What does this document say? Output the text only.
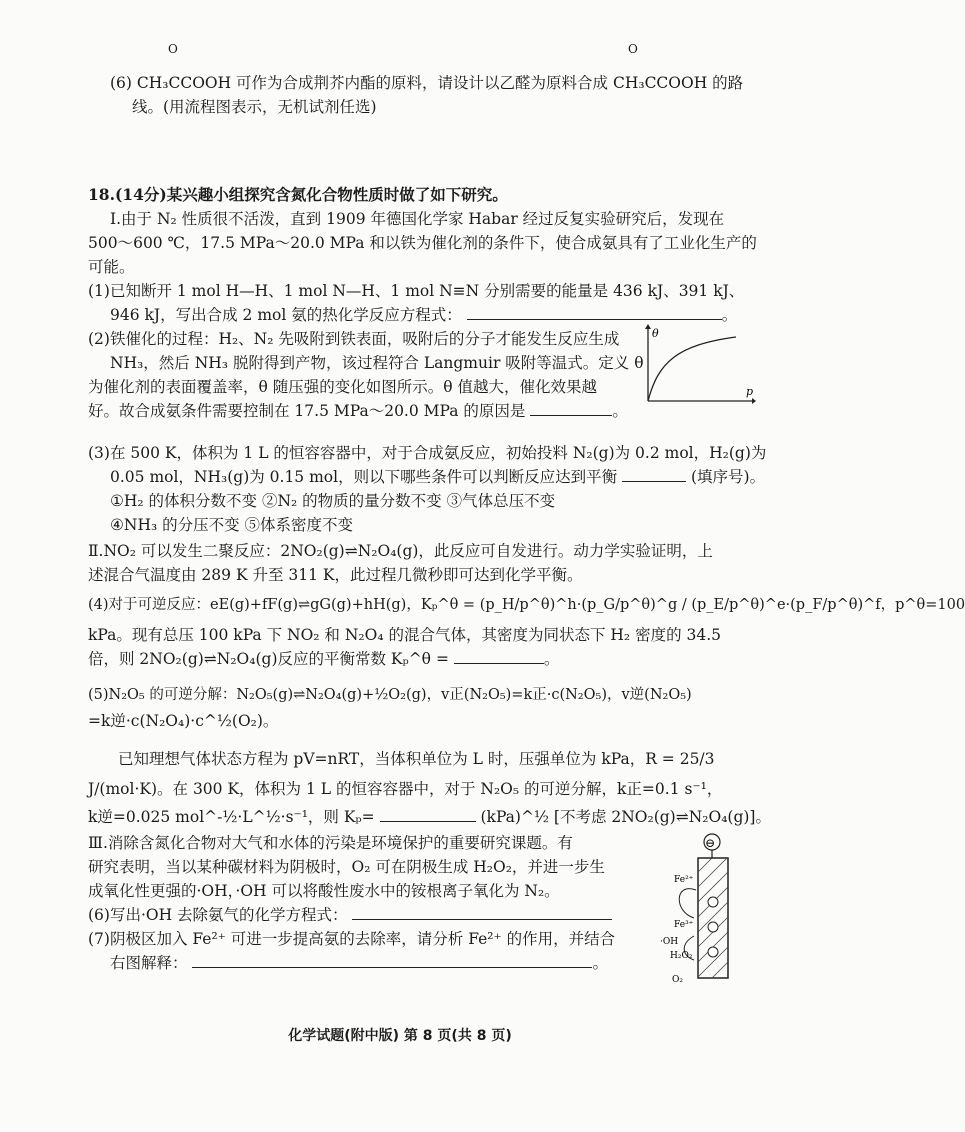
O	O
(6) CH₃CCOOH 可作为合成荆芥内酯的原料，请设计以乙醛为原料合成 CH₃CCOOH 的路
线。(用流程图表示，无机试剂任选)
18.(14分)某兴趣小组探究含氮化合物性质时做了如下研究。
Ⅰ.由于 N₂ 性质很不活泼，直到 1909 年德国化学家 Habar 经过反复实验研究后，发现在
500～600 ℃，17.5 MPa～20.0 MPa 和以铁为催化剂的条件下，使合成氨具有了工业化生产的
可能。
(1)已知断开 1 mol H—H、1 mol N—H、1 mol N≡N 分别需要的能量是 436 kJ、391 kJ、
946 kJ，写出合成 2 mol 氨的热化学反应方程式：	。
(2)铁催化的过程：H₂、N₂ 先吸附到铁表面，吸附后的分子才能发生反应生成
NH₃，然后 NH₃ 脱附得到产物，该过程符合 Langmuir 吸附等温式。定义 θ
为催化剂的表面覆盖率，θ 随压强的变化如图所示。θ 值越大，催化效果越
好。故合成氨条件需要控制在 17.5 MPa～20.0 MPa 的原因是	。
θ
p
(3)在 500 K，体积为 1 L 的恒容容器中，对于合成氨反应，初始投料 N₂(g)为 0.2 mol，H₂(g)为
0.05 mol，NH₃(g)为 0.15 mol，则以下哪些条件可以判断反应达到平衡	(填序号)。
①H₂ 的体积分数不变 ②N₂ 的物质的量分数不变 ③气体总压不变
④NH₃ 的分压不变 ⑤体系密度不变
Ⅱ.NO₂ 可以发生二聚反应：2NO₂(g)⇌N₂O₄(g)，此反应可自发进行。动力学实验证明，上
述混合气温度由 289 K 升至 311 K，此过程几微秒即可达到化学平衡。
(4)对于可逆反应：eE(g)+fF(g)⇌gG(g)+hH(g)，Kₚ^θ = (p_H/p^θ)^h·(p_G/p^θ)^g / (p_E/p^θ)^e·(p_F/p^θ)^f，p^θ=100
kPa。现有总压 100 kPa 下 NO₂ 和 N₂O₄ 的混合气体，其密度为同状态下 H₂ 密度的 34.5
倍，则 2NO₂(g)⇌N₂O₄(g)反应的平衡常数 Kₚ^θ =	。
(5)N₂O₅ 的可逆分解：N₂O₅(g)⇌N₂O₄(g)+½O₂(g)，v正(N₂O₅)=k正·c(N₂O₅)，v逆(N₂O₅)
=k逆·c(N₂O₄)·c^½(O₂)。
已知理想气体状态方程为 pV=nRT，当体积单位为 L 时，压强单位为 kPa，R = 25/3
J/(mol·K)。在 300 K，体积为 1 L 的恒容容器中，对于 N₂O₅ 的可逆分解，k正=0.1 s⁻¹，
k逆=0.025 mol^-½·L^½·s⁻¹，则 Kₚ=	(kPa)^½ [不考虑 2NO₂(g)⇌N₂O₄(g)]。
Ⅲ.消除含氮化合物对大气和水体的污染是环境保护的重要研究课题。有
研究表明，当以某种碳材料为阴极时，O₂ 可在阴极生成 H₂O₂，并进一步生
成氧化性更强的·OH，·OH 可以将酸性废水中的铵根离子氧化为 N₂。
(6)写出·OH 去除氨气的化学方程式：
(7)阴极区加入 Fe²⁺ 可进一步提高氨的去除率，请分析 Fe²⁺ 的作用，并结合
右图解释：	。
⊖
Fe²⁺
Fe³⁺
·OH
H₂O₂
O₂
化学试题(附中版) 第 8 页(共 8 页)
